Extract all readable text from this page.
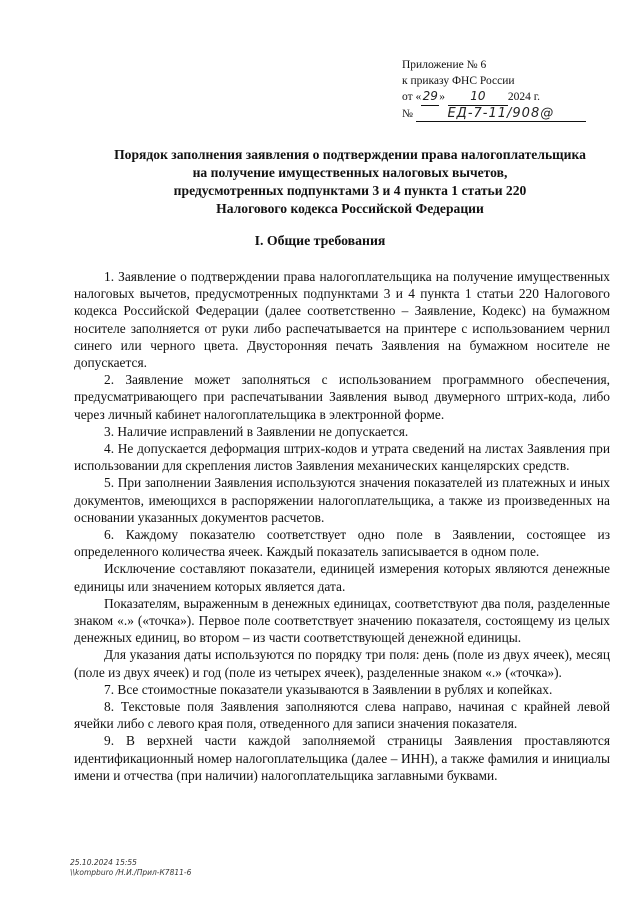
Приложение № 6
к приказу ФНС России
от «29» 10 2024 г.
№	ЕД-7-11/908@
Порядок заполнения заявления о подтверждении права налогоплательщика
на получение имущественных налоговых вычетов,
предусмотренных подпунктами 3 и 4 пункта 1 статьи 220
Налогового кодекса Российской Федерации
I. Общие требования

1. Заявление о подтверждении права налогоплательщика на получение имущественных налоговых вычетов, предусмотренных подпунктами 3 и 4 пункта 1 статьи 220 Налогового кодекса Российской Федерации (далее соответственно – Заявление, Кодекс) на бумажном носителе заполняется от руки либо распечатывается на принтере с использованием чернил синего или черного цвета. Двусторонняя печать Заявления на бумажном носителе не допускается.

2. Заявление может заполняться с использованием программного обеспечения, предусматривающего при распечатывании Заявления вывод двумерного штрих-кода, либо через личный кабинет налогоплательщика в электронной форме.

3. Наличие исправлений в Заявлении не допускается.

4. Не допускается деформация штрих-кодов и утрата сведений на листах Заявления при использовании для скрепления листов Заявления механических канцелярских средств.

5. При заполнении Заявления используются значения показателей из платежных и иных документов, имеющихся в распоряжении налогоплательщика, а также из произведенных на основании указанных документов расчетов.

6. Каждому показателю соответствует одно поле в Заявлении, состоящее из определенного количества ячеек. Каждый показатель записывается в одном поле.

Исключение составляют показатели, единицей измерения которых являются денежные единицы или значением которых является дата.

Показателям, выраженным в денежных единицах, соответствуют два поля, разделенные знаком «.» («точка»). Первое поле соответствует значению показателя, состоящему из целых денежных единиц, во втором – из части соответствующей денежной единицы.

Для указания даты используются по порядку три поля: день (поле из двух ячеек), месяц (поле из двух ячеек) и год (поле из четырех ячеек), разделенные знаком «.» («точка»).

7. Все стоимостные показатели указываются в Заявлении в рублях и копейках.

8. Текстовые поля Заявления заполняются слева направо, начиная с крайней левой ячейки либо с левого края поля, отведенного для записи значения показателя.

9. В верхней части каждой заполняемой страницы Заявления проставляются идентификационный номер налогоплательщика (далее – ИНН), а также фамилия и инициалы имени и отчества (при наличии) налогоплательщика заглавными буквами.

25.10.2024 15:55
\\kompburo /Н.И./Прил-К7811-6
